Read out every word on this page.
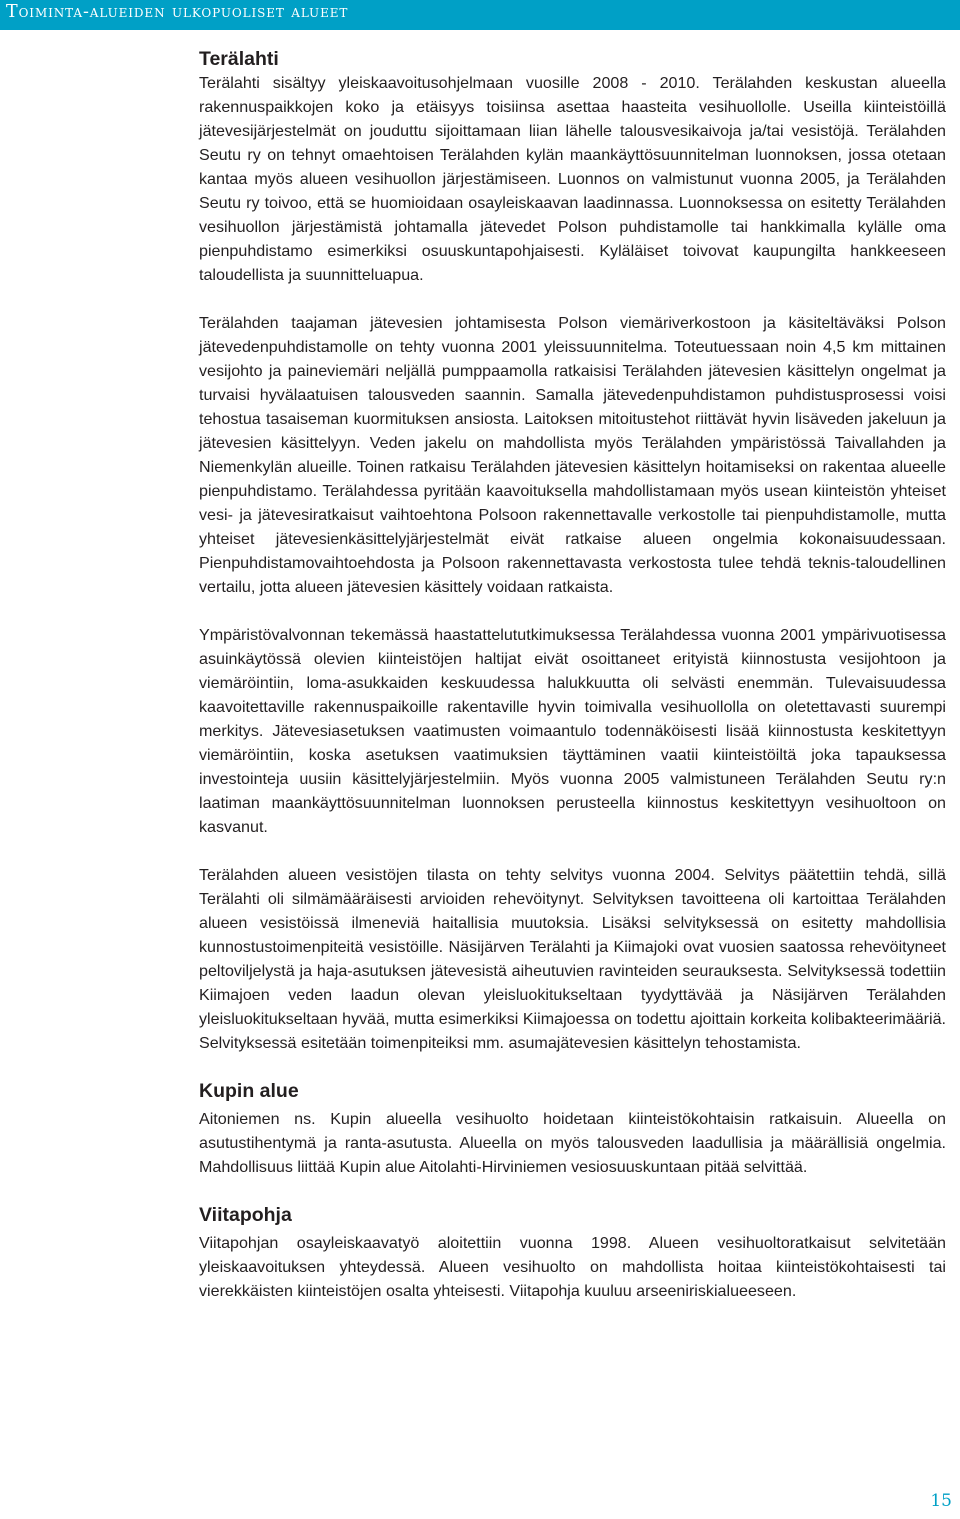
Toiminta-alueiden ulkopuoliset alueet
Terälahti

Terälahti sisältyy yleiskaavoitusohjelmaan vuosille 2008 - 2010. Terälahden keskustan alueella rakennuspaikkojen koko ja etäisyys toisiinsa asettaa haasteita vesihuollolle. Useilla kiinteistöillä jätevesijärjestelmät on jouduttu sijoittamaan liian lähelle talousvesikaivoja ja/tai vesistöjä. Terälahden Seutu ry on tehnyt omaehtoisen Terälahden kylän maankäyttösuunnitelman luonnoksen, jossa otetaan kantaa myös alueen vesihuollon järjestämiseen. Luonnos on valmistunut vuonna 2005, ja Terälahden Seutu ry toivoo, että se huomioidaan osayleiskaavan laadinnassa. Luonnoksessa on esitetty Terälahden vesihuollon järjestämistä johtamalla jätevedet Polson puhdistamolle tai hankkimalla kylälle oma pienpuhdistamo esimerkiksi osuuskuntapohjaisesti. Kyläläiset toivovat kaupungilta hankkeeseen taloudellista ja suunnitteluapua.

Terälahden taajaman jätevesien johtamisesta Polson viemäriverkostoon ja käsiteltäväksi Polson jätevedenpuhdistamolle on tehty vuonna 2001 yleissuunnitelma. Toteutuessaan noin 4,5 km mittainen vesijohto ja paineviemäri neljällä pumppaamolla ratkaisisi Terälahden jätevesien käsittelyn ongelmat ja turvaisi hyvälaatuisen talousveden saannin. Samalla jätevedenpuhdistamon puhdistusprosessi voisi tehostua tasaiseman kuormituksen ansiosta. Laitoksen mitoitustehot riittävät hyvin lisäveden jakeluun ja jätevesien käsittelyyn. Veden jakelu on mahdollista myös Terälahden ympäristössä Taivallahden ja Niemenkylän alueille. Toinen ratkaisu Terälahden jätevesien käsittelyn hoitamiseksi on rakentaa alueelle pienpuhdistamo. Terälahdessa pyritään kaavoituksella mahdollistamaan myös usean kiinteistön yhteiset vesi- ja jätevesiratkaisut vaihtoehtona Polsoon rakennettavalle verkostolle tai pienpuhdistamolle, mutta yhteiset jätevesienkäsittelyjärjestelmät eivät ratkaise alueen ongelmia kokonaisuudessaan. Pienpuhdistamovaihtoehdosta ja Polsoon rakennettavasta verkostosta tulee tehdä teknis-taloudellinen vertailu, jotta alueen jätevesien käsittely voidaan ratkaista.

Ympäristövalvonnan tekemässä haastattelututkimuksessa Terälahdessa vuonna 2001 ympärivuotisessa asuinkäytössä olevien kiinteistöjen haltijat eivät osoittaneet erityistä kiinnostusta vesijohtoon ja viemäröintiin, loma-asukkaiden keskuudessa halukkuutta oli selvästi enemmän. Tulevaisuudessa kaavoitettaville rakennuspaikoille rakentaville hyvin toimivalla vesihuollolla on oletettavasti suurempi merkitys. Jätevesiasetuksen vaatimusten voimaantulo todennäköisesti lisää kiinnostusta keskitettyyn viemäröintiin, koska asetuksen vaatimuksien täyttäminen vaatii kiinteistöiltä joka tapauksessa investointeja uusiin käsittelyjärjestelmiin. Myös vuonna 2005 valmistuneen Terälahden Seutu ry:n laatiman maankäyttösuunnitelman luonnoksen perusteella kiinnostus keskitettyyn vesihuoltoon on kasvanut.

Terälahden alueen vesistöjen tilasta on tehty selvitys vuonna 2004. Selvitys päätettiin tehdä, sillä Terälahti oli silmämääräisesti arvioiden rehevöitynyt. Selvityksen tavoitteena oli kartoittaa Terälahden alueen vesistöissä ilmeneviä haitallisia muutoksia. Lisäksi selvityksessä on esitetty mahdollisia kunnostustoimenpiteitä vesistöille. Näsijärven Terälahti ja Kiimajoki ovat vuosien saatossa rehevöityneet peltoviljelystä ja haja-asutuksen jätevesistä aiheutuvien ravinteiden seurauksesta. Selvityksessä todettiin Kiimajoen veden laadun olevan yleisluokitukseltaan tyydyttävää ja Näsijärven Terälahden yleisluokitukseltaan hyvää, mutta esimerkiksi Kiimajoessa on todettu ajoittain korkeita kolibakteerimääriä. Selvityksessä esitetään toimenpiteiksi mm. asumajätevesien käsittelyn tehostamista.

Kupin alue

Aitoniemen ns. Kupin alueella vesihuolto hoidetaan kiinteistökohtaisin ratkaisuin. Alueella on asutustihentymä ja ranta-asutusta. Alueella on myös talousveden laadullisia ja määrällisiä ongelmia. Mahdollisuus liittää Kupin alue Aitolahti-Hirviniemen vesiosuuskuntaan pitää selvittää.

Viitapohja

Viitapohjan osayleiskaavatyö aloitettiin vuonna 1998. Alueen vesihuoltoratkaisut selvitetään yleiskaavoituksen yhteydessä. Alueen vesihuolto on mahdollista hoitaa kiinteistökohtaisesti tai vierekkäisten kiinteistöjen osalta yhteisesti. Viitapohja kuuluu arseeniriskialueeseen.

15
